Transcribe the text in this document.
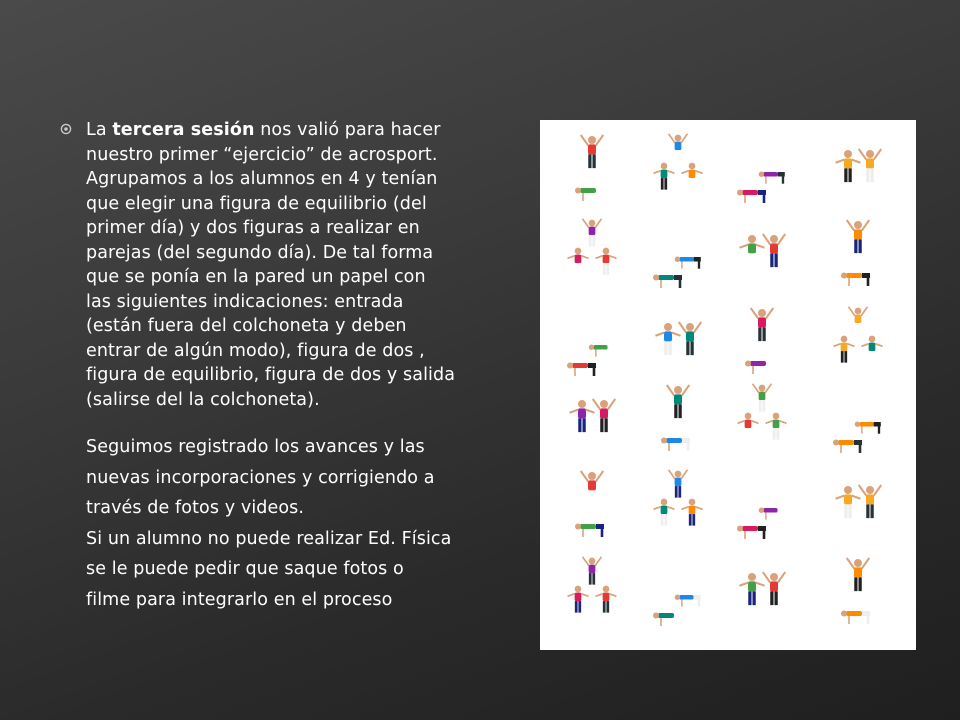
La tercera sesión nos valió para hacer
nuestro primer “ejercicio” de acrosport.
Agrupamos a los alumnos en 4 y tenían
que elegir una figura de equilibrio (del
primer día) y dos figuras a realizar en
parejas (del segundo día). De tal forma
que se ponía en la pared un papel con
las siguientes indicaciones: entrada
(están fuera del colchoneta y deben
entrar de algún modo), figura de dos ,
figura de equilibrio, figura de dos y salida
(salirse del la colchoneta).

Seguimos registrado los avances y las
nuevas incorporaciones y corrigiendo a
través de fotos y videos.
Si un alumno no puede realizar Ed. Física
se le puede pedir que saque fotos o
filme para integrarlo en el proceso
